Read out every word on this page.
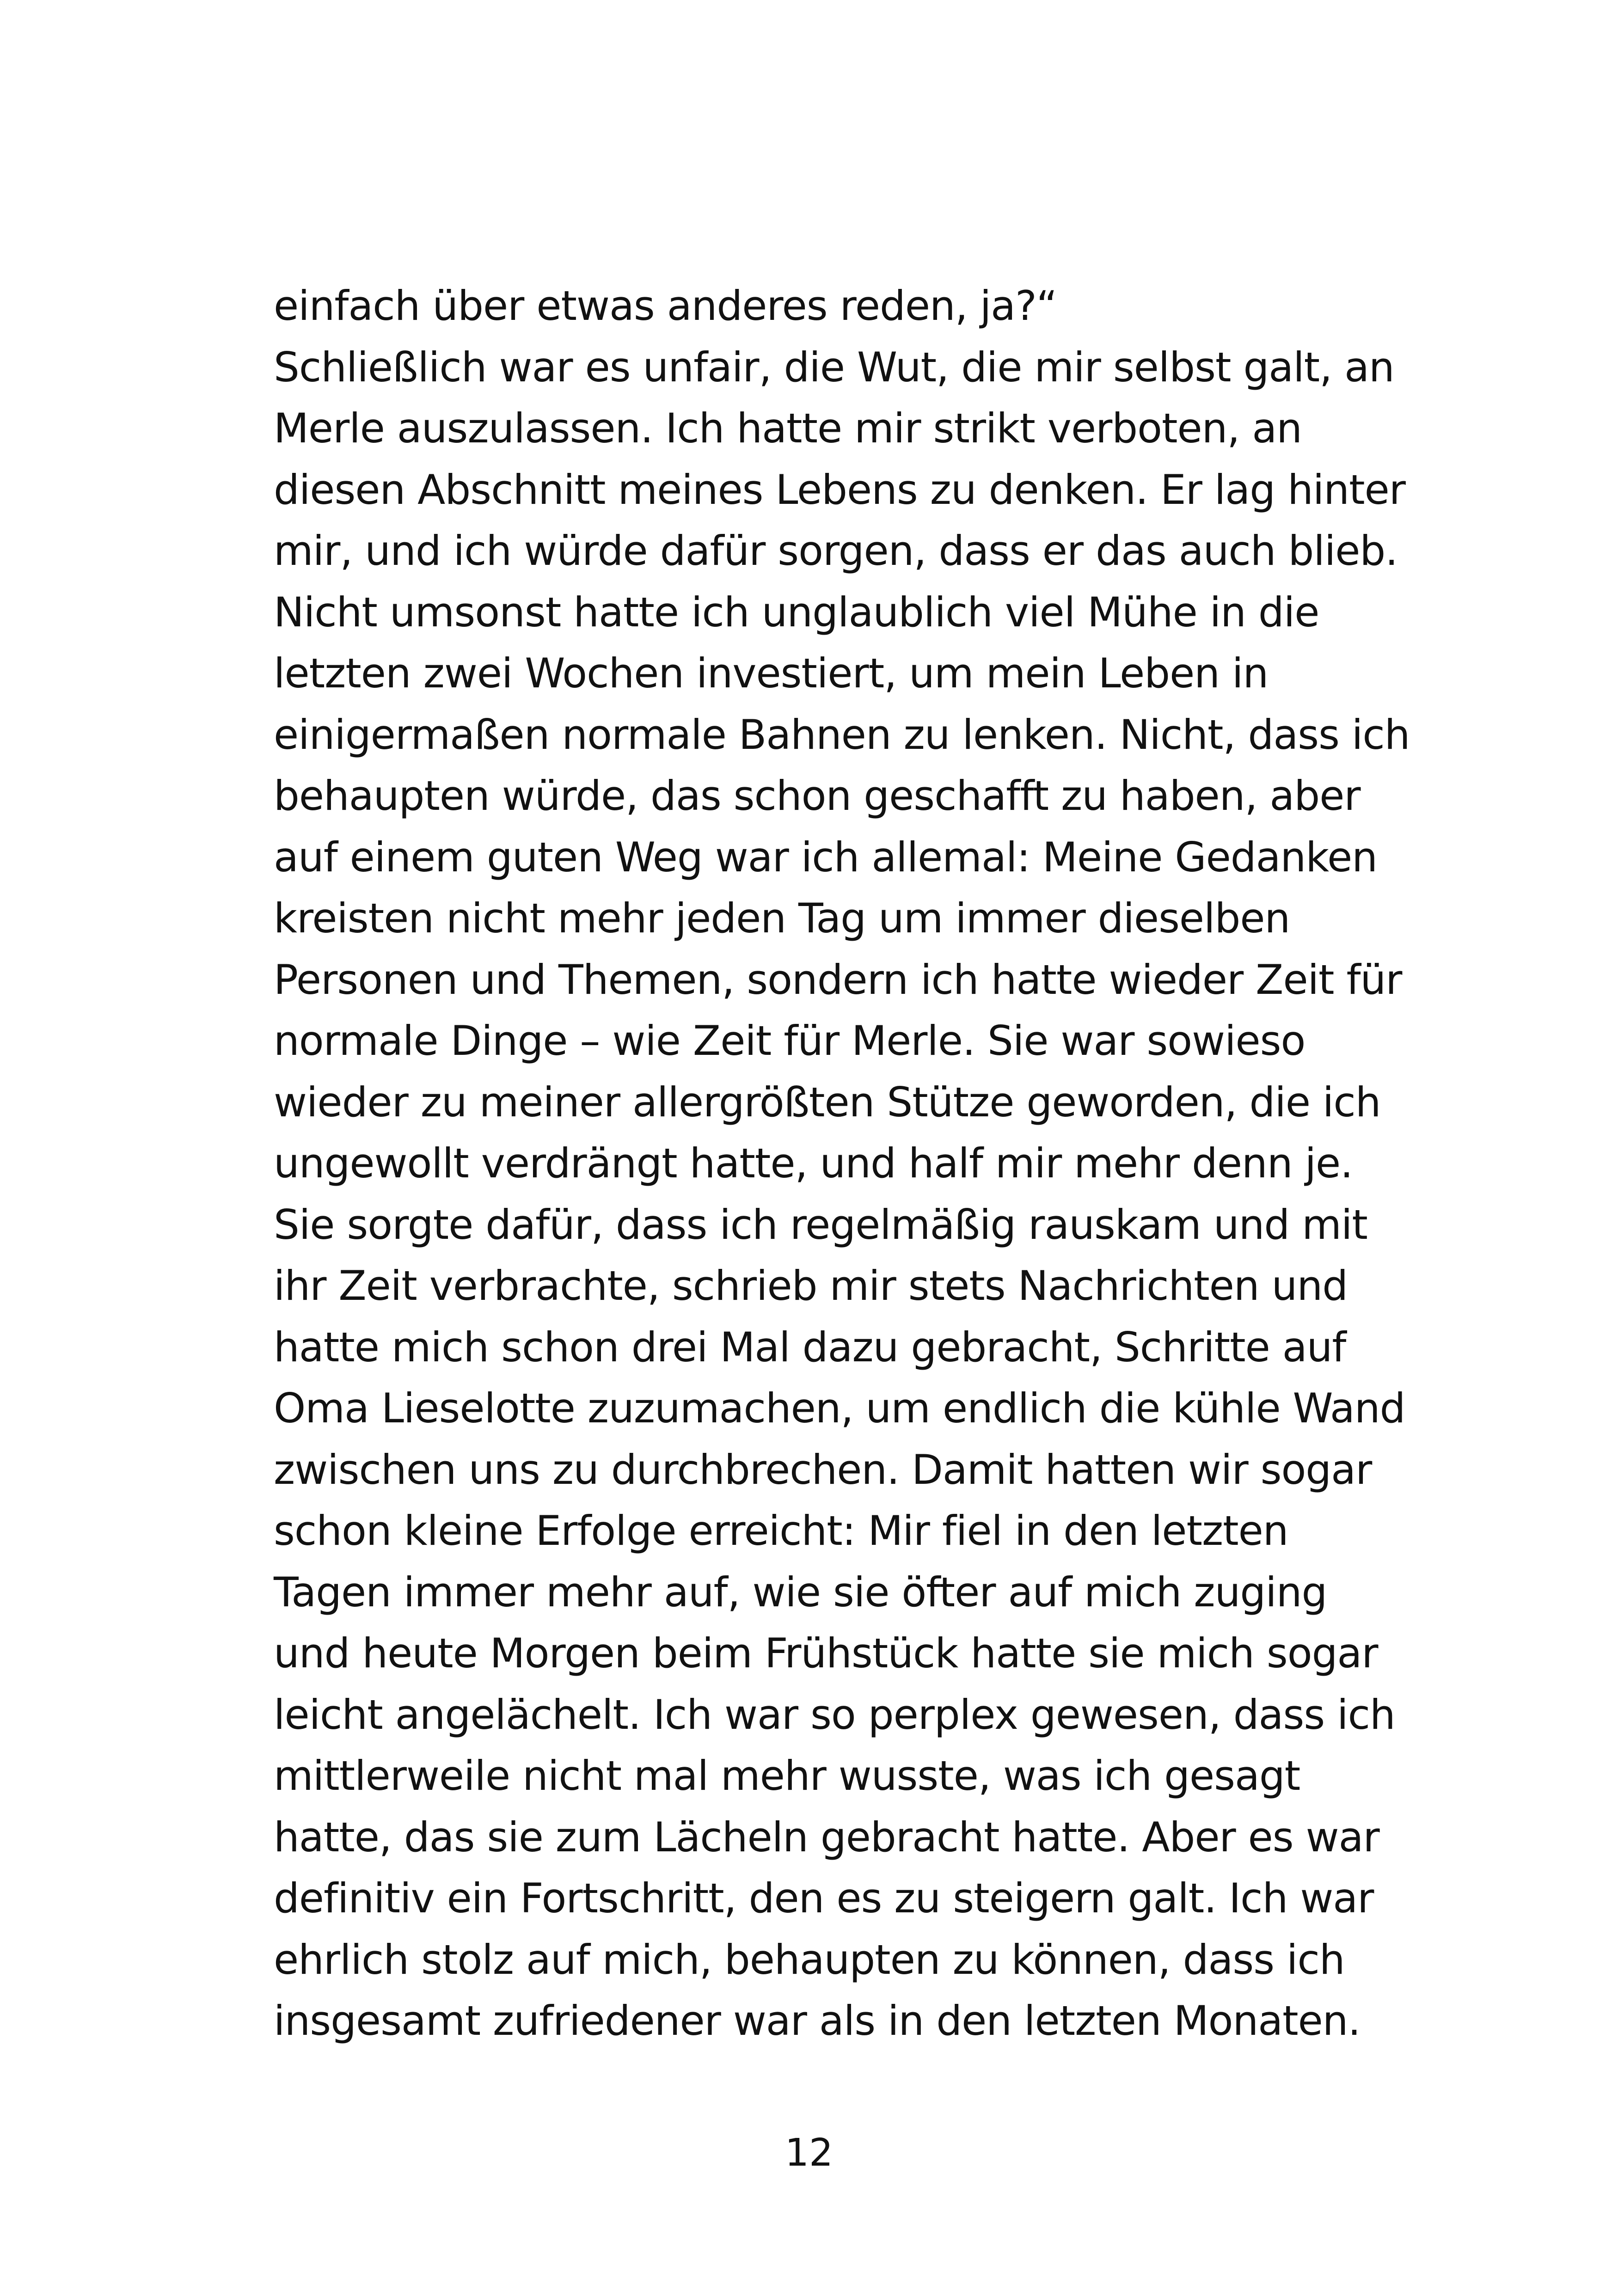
einfach über etwas anderes reden, ja?“
Schließlich war es unfair, die Wut, die mir selbst galt, an
Merle auszulassen. Ich hatte mir strikt verboten, an
diesen Abschnitt meines Lebens zu denken. Er lag hinter
mir, und ich würde dafür sorgen, dass er das auch blieb.
Nicht umsonst hatte ich unglaublich viel Mühe in die
letzten zwei Wochen investiert, um mein Leben in
einigermaßen normale Bahnen zu lenken. Nicht, dass ich
behaupten würde, das schon geschafft zu haben, aber
auf einem guten Weg war ich allemal: Meine Gedanken
kreisten nicht mehr jeden Tag um immer dieselben
Personen und Themen, sondern ich hatte wieder Zeit für
normale Dinge – wie Zeit für Merle. Sie war sowieso
wieder zu meiner allergrößten Stütze geworden, die ich
ungewollt verdrängt hatte, und half mir mehr denn je.
Sie sorgte dafür, dass ich regelmäßig rauskam und mit
ihr Zeit verbrachte, schrieb mir stets Nachrichten und
hatte mich schon drei Mal dazu gebracht, Schritte auf
Oma Lieselotte zuzumachen, um endlich die kühle Wand
zwischen uns zu durchbrechen. Damit hatten wir sogar
schon kleine Erfolge erreicht: Mir fiel in den letzten
Tagen immer mehr auf, wie sie öfter auf mich zuging
und heute Morgen beim Frühstück hatte sie mich sogar
leicht angelächelt. Ich war so perplex gewesen, dass ich
mittlerweile nicht mal mehr wusste, was ich gesagt
hatte, das sie zum Lächeln gebracht hatte. Aber es war
definitiv ein Fortschritt, den es zu steigern galt. Ich war
ehrlich stolz auf mich, behaupten zu können, dass ich
insgesamt zufriedener war als in den letzten Monaten.

12
